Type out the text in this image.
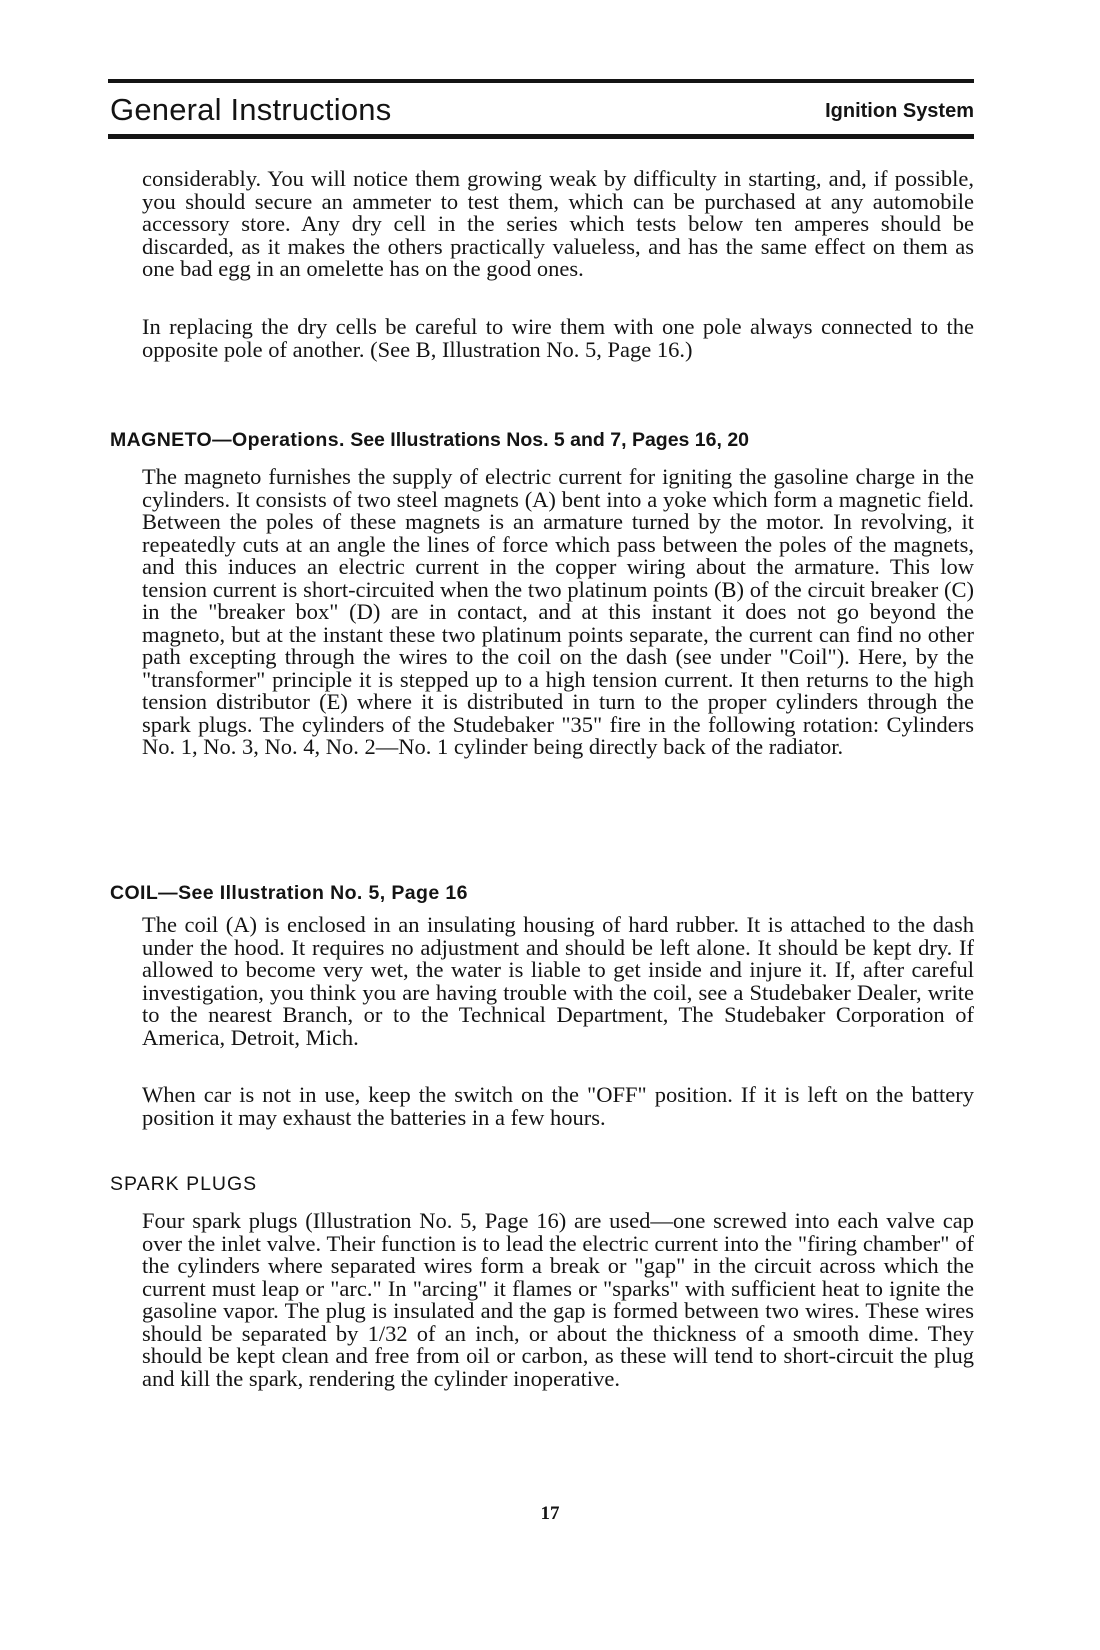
General Instructions	Ignition System

considerably. You will notice them growing weak by difficulty in starting, and, if possible, you should secure an ammeter to test them, which can be purchased at any automobile accessory store. Any dry cell in the series which tests below ten amperes should be discarded, as it makes the others practically valueless, and has the same effect on them as one bad egg in an omelette has on the good ones.

In replacing the dry cells be careful to wire them with one pole always connected to the opposite pole of another. (See B, Illustration No. 5, Page 16.)

MAGNETO—Operations. See Illustrations Nos. 5 and 7, Pages 16, 20

The magneto furnishes the supply of electric current for igniting the gasoline charge in the cylinders. It consists of two steel magnets (A) bent into a yoke which form a magnetic field. Between the poles of these magnets is an armature turned by the motor. In revolving, it repeatedly cuts at an angle the lines of force which pass between the poles of the magnets, and this induces an electric current in the copper wiring about the armature. This low tension current is short-circuited when the two platinum points (B) of the circuit breaker (C) in the "breaker box" (D) are in contact, and at this instant it does not go beyond the magneto, but at the instant these two platinum points separate, the current can find no other path excepting through the wires to the coil on the dash (see under "Coil"). Here, by the "transformer" principle it is stepped up to a high tension current. It then returns to the high tension distributor (E) where it is distributed in turn to the proper cylinders through the spark plugs. The cylinders of the Studebaker "35" fire in the following rotation: Cylinders No. 1, No. 3, No. 4, No. 2—No. 1 cylinder being directly back of the radiator.

COIL—See Illustration No. 5, Page 16

The coil (A) is enclosed in an insulating housing of hard rubber. It is attached to the dash under the hood. It requires no adjustment and should be left alone. It should be kept dry. If allowed to become very wet, the water is liable to get inside and injure it. If, after careful investigation, you think you are having trouble with the coil, see a Studebaker Dealer, write to the nearest Branch, or to the Technical Department, The Studebaker Corporation of America, Detroit, Mich.

When car is not in use, keep the switch on the "OFF" position. If it is left on the battery position it may exhaust the batteries in a few hours.

SPARK PLUGS

Four spark plugs (Illustration No. 5, Page 16) are used—one screwed into each valve cap over the inlet valve. Their function is to lead the electric current into the "firing chamber" of the cylinders where separated wires form a break or "gap" in the circuit across which the current must leap or "arc." In "arcing" it flames or "sparks" with sufficient heat to ignite the gasoline vapor. The plug is insulated and the gap is formed between two wires. These wires should be separated by 1/32 of an inch, or about the thickness of a smooth dime. They should be kept clean and free from oil or carbon, as these will tend to short-circuit the plug and kill the spark, rendering the cylinder inoperative.

17
